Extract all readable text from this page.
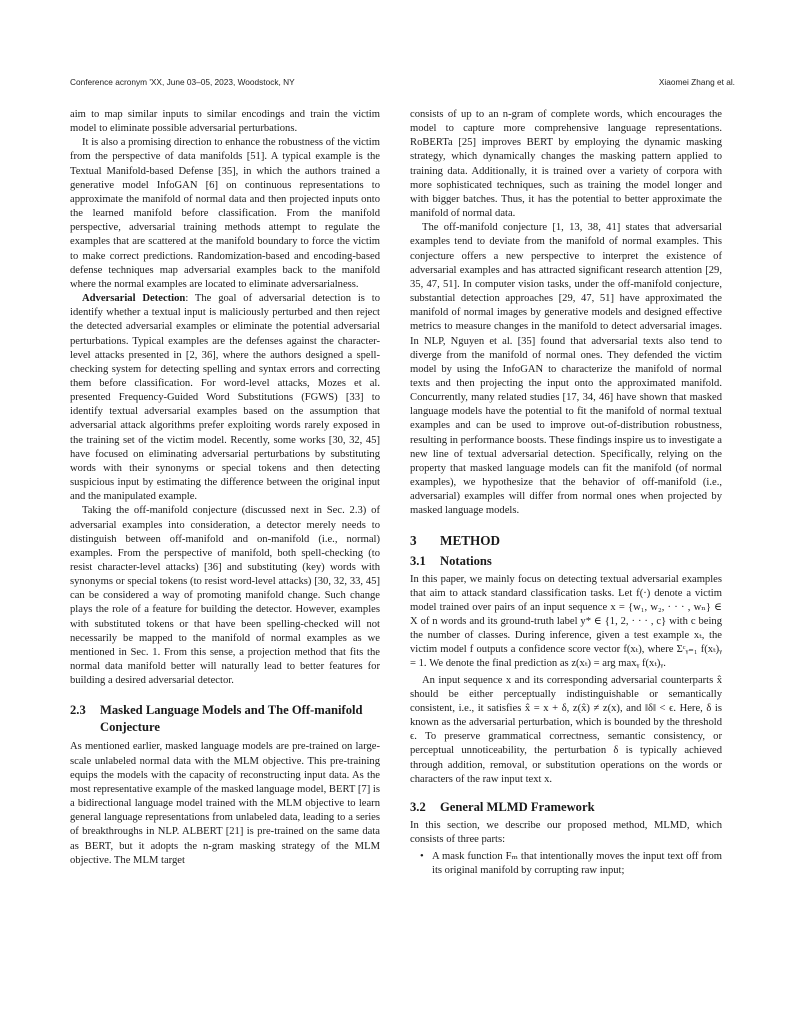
Conference acronym 'XX, June 03–05, 2023, Woodstock, NY	Xiaomei Zhang et al.

aim to map similar inputs to similar encodings and train the victim model to eliminate possible adversarial perturbations.

It is also a promising direction to enhance the robustness of the victim from the perspective of data manifolds [51]. A typical example is the Textual Manifold-based Defense [35], in which the authors trained a generative model InfoGAN [6] on continuous representations to approximate the manifold of normal data and then projected inputs onto the learned manifold before classification. From the manifold perspective, adversarial training methods attempt to regulate the examples that are scattered at the manifold boundary to force the victim to make correct predictions. Randomization-based and encoding-based defense techniques map adversarial examples back to the manifold where the normal examples are located to eliminate adversarialness.

Adversarial Detection: The goal of adversarial detection is to identify whether a textual input is maliciously perturbed and then reject the detected adversarial examples or eliminate the potential adversarial perturbations. Typical examples are the defenses against the character-level attacks presented in [2, 36], where the authors designed a spell-checking system for detecting spelling and syntax errors and correcting them before classification. For word-level attacks, Mozes et al. presented Frequency-Guided Word Substitutions (FGWS) [33] to identify textual adversarial examples based on the assumption that adversarial attack algorithms prefer exploiting words rarely exposed in the training set of the victim model. Recently, some works [30, 32, 45] have focused on eliminating adversarial perturbations by substituting words with their synonyms or special tokens and then detecting suspicious input by estimating the difference between the original input and the manipulated example.

Taking the off-manifold conjecture (discussed next in Sec. 2.3) of adversarial examples into consideration, a detector merely needs to distinguish between off-manifold and on-manifold (i.e., normal) examples. From the perspective of manifold, both spell-checking (to resist character-level attacks) [36] and substituting (key) words with synonyms or special tokens (to resist word-level attacks) [30, 32, 33, 45] can be considered a way of promoting manifold change. Such change plays the role of a feature for building the detector. However, examples with substituted tokens or that have been spelling-checked will not necessarily be mapped to the manifold of normal examples as we mentioned in Sec. 1. From this sense, a projection method that fits the normal data manifold better will naturally lead to better features for building a desired adversarial detector.

2.3	Masked Language Models and The Off-manifold Conjecture

As mentioned earlier, masked language models are pre-trained on large-scale unlabeled normal data with the MLM objective. This pre-training equips the models with the capacity of reconstructing input data. As the most representative example of the masked language model, BERT [7] is a bidirectional language model trained with the MLM objective to learn general language representations from unlabeled data, leading to a series of breakthroughs in NLP. ALBERT [21] is pre-trained on the same data as BERT, but it adopts the n-gram masking strategy of the MLM objective. The MLM target

consists of up to an n-gram of complete words, which encourages the model to capture more comprehensive language representations. RoBERTa [25] improves BERT by employing the dynamic masking strategy, which dynamically changes the masking pattern applied to training data. Additionally, it is trained over a variety of corpora with more sophisticated techniques, such as training the model longer and with bigger batches. Thus, it has the potential to better approximate the manifold of normal data.

The off-manifold conjecture [1, 13, 38, 41] states that adversarial examples tend to deviate from the manifold of normal examples. This conjecture offers a new perspective to interpret the existence of adversarial examples and has attracted significant research attention [29, 35, 47, 51]. In computer vision tasks, under the off-manifold conjecture, substantial detection approaches [29, 47, 51] have approximated the manifold of normal images by generative models and designed effective metrics to measure changes in the manifold to detect adversarial images. In NLP, Nguyen et al. [35] found that adversarial texts also tend to diverge from the manifold of normal ones. They defended the victim model by using the InfoGAN to characterize the manifold of normal texts and then projecting the input onto the approximated manifold. Concurrently, many related studies [17, 34, 46] have shown that masked language models have the potential to fit the manifold of normal textual examples and can be used to improve out-of-distribution robustness, resulting in performance boosts. These findings inspire us to investigate a new line of textual adversarial detection. Specifically, relying on the property that masked language models can fit the manifold (of normal examples), we hypothesize that the behavior of off-manifold (i.e., adversarial) examples will differ from normal ones when projected by masked language models.

3	METHOD
3.1	Notations

In this paper, we mainly focus on detecting textual adversarial examples that aim to attack standard classification tasks. Let f(·) denote a victim model trained over pairs of an input sequence x = {w₁, w₂, · · · , wₙ} ∈ X of n words and its ground-truth label y* ∈ {1, 2, · · · , c} with c being the number of classes. During inference, given a test example xₜ, the victim model f outputs a confidence score vector f(xₜ), where Σᶜᵧ₌₁ f(xₜ)ᵧ = 1. We denote the final prediction as z(xₜ) = arg maxᵧ f(xₜ)ᵧ.

An input sequence x and its corresponding adversarial counterparts x̂ should be either perceptually indistinguishable or semantically consistent, i.e., it satisfies x̂ = x + δ, z(x̂) ≠ z(x), and ‖δ‖ < ϵ. Here, δ is known as the adversarial perturbation, which is bounded by the threshold ϵ. To preserve grammatical correctness, semantic consistency, or perceptual unnoticeability, the perturbation δ is typically achieved through addition, removal, or substitution operations on the words or characters of the raw input text x.

3.2	General MLMD Framework

In this section, we describe our proposed method, MLMD, which consists of three parts:

• A mask function Fₘ that intentionally moves the input text off from its original manifold by corrupting raw input;
